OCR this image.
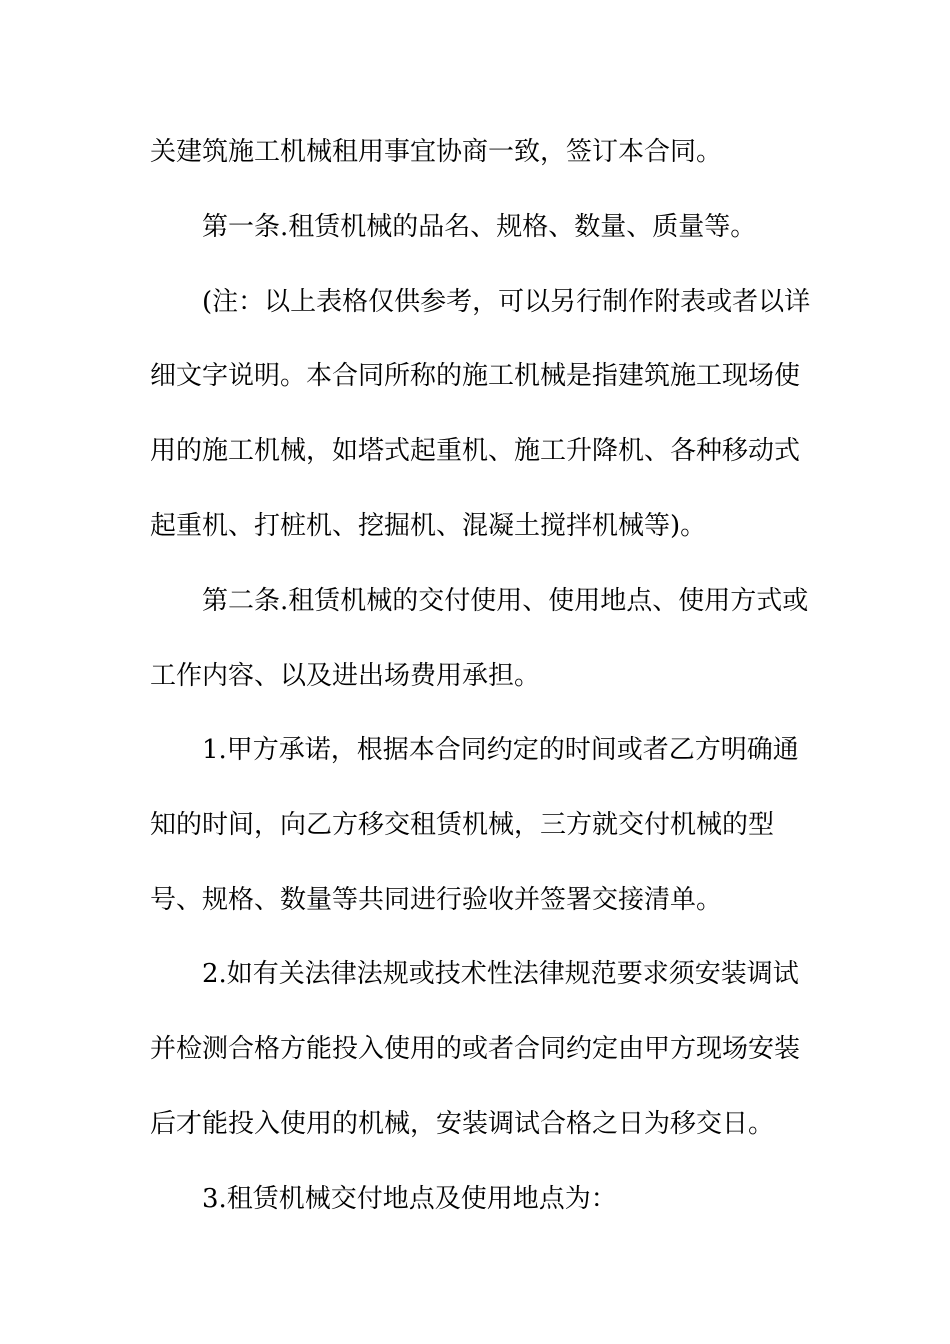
关建筑施工机械租用事宜协商一致，签订本合同。
第一条.租赁机械的品名、规格、数量、质量等。
(注：以上表格仅供参考，可以另行制作附表或者以详
细文字说明。本合同所称的施工机械是指建筑施工现场使
用的施工机械，如塔式起重机、施工升降机、各种移动式
起重机、打桩机、挖掘机、混凝土搅拌机械等)。
第二条.租赁机械的交付使用、使用地点、使用方式或
工作内容、以及进出场费用承担。
1.甲方承诺，根据本合同约定的时间或者乙方明确通
知的时间，向乙方移交租赁机械，三方就交付机械的型
号、规格、数量等共同进行验收并签署交接清单。
2.如有关法律法规或技术性法律规范要求须安装调试
并检测合格方能投入使用的或者合同约定由甲方现场安装
后才能投入使用的机械，安装调试合格之日为移交日。
3.租赁机械交付地点及使用地点为：
